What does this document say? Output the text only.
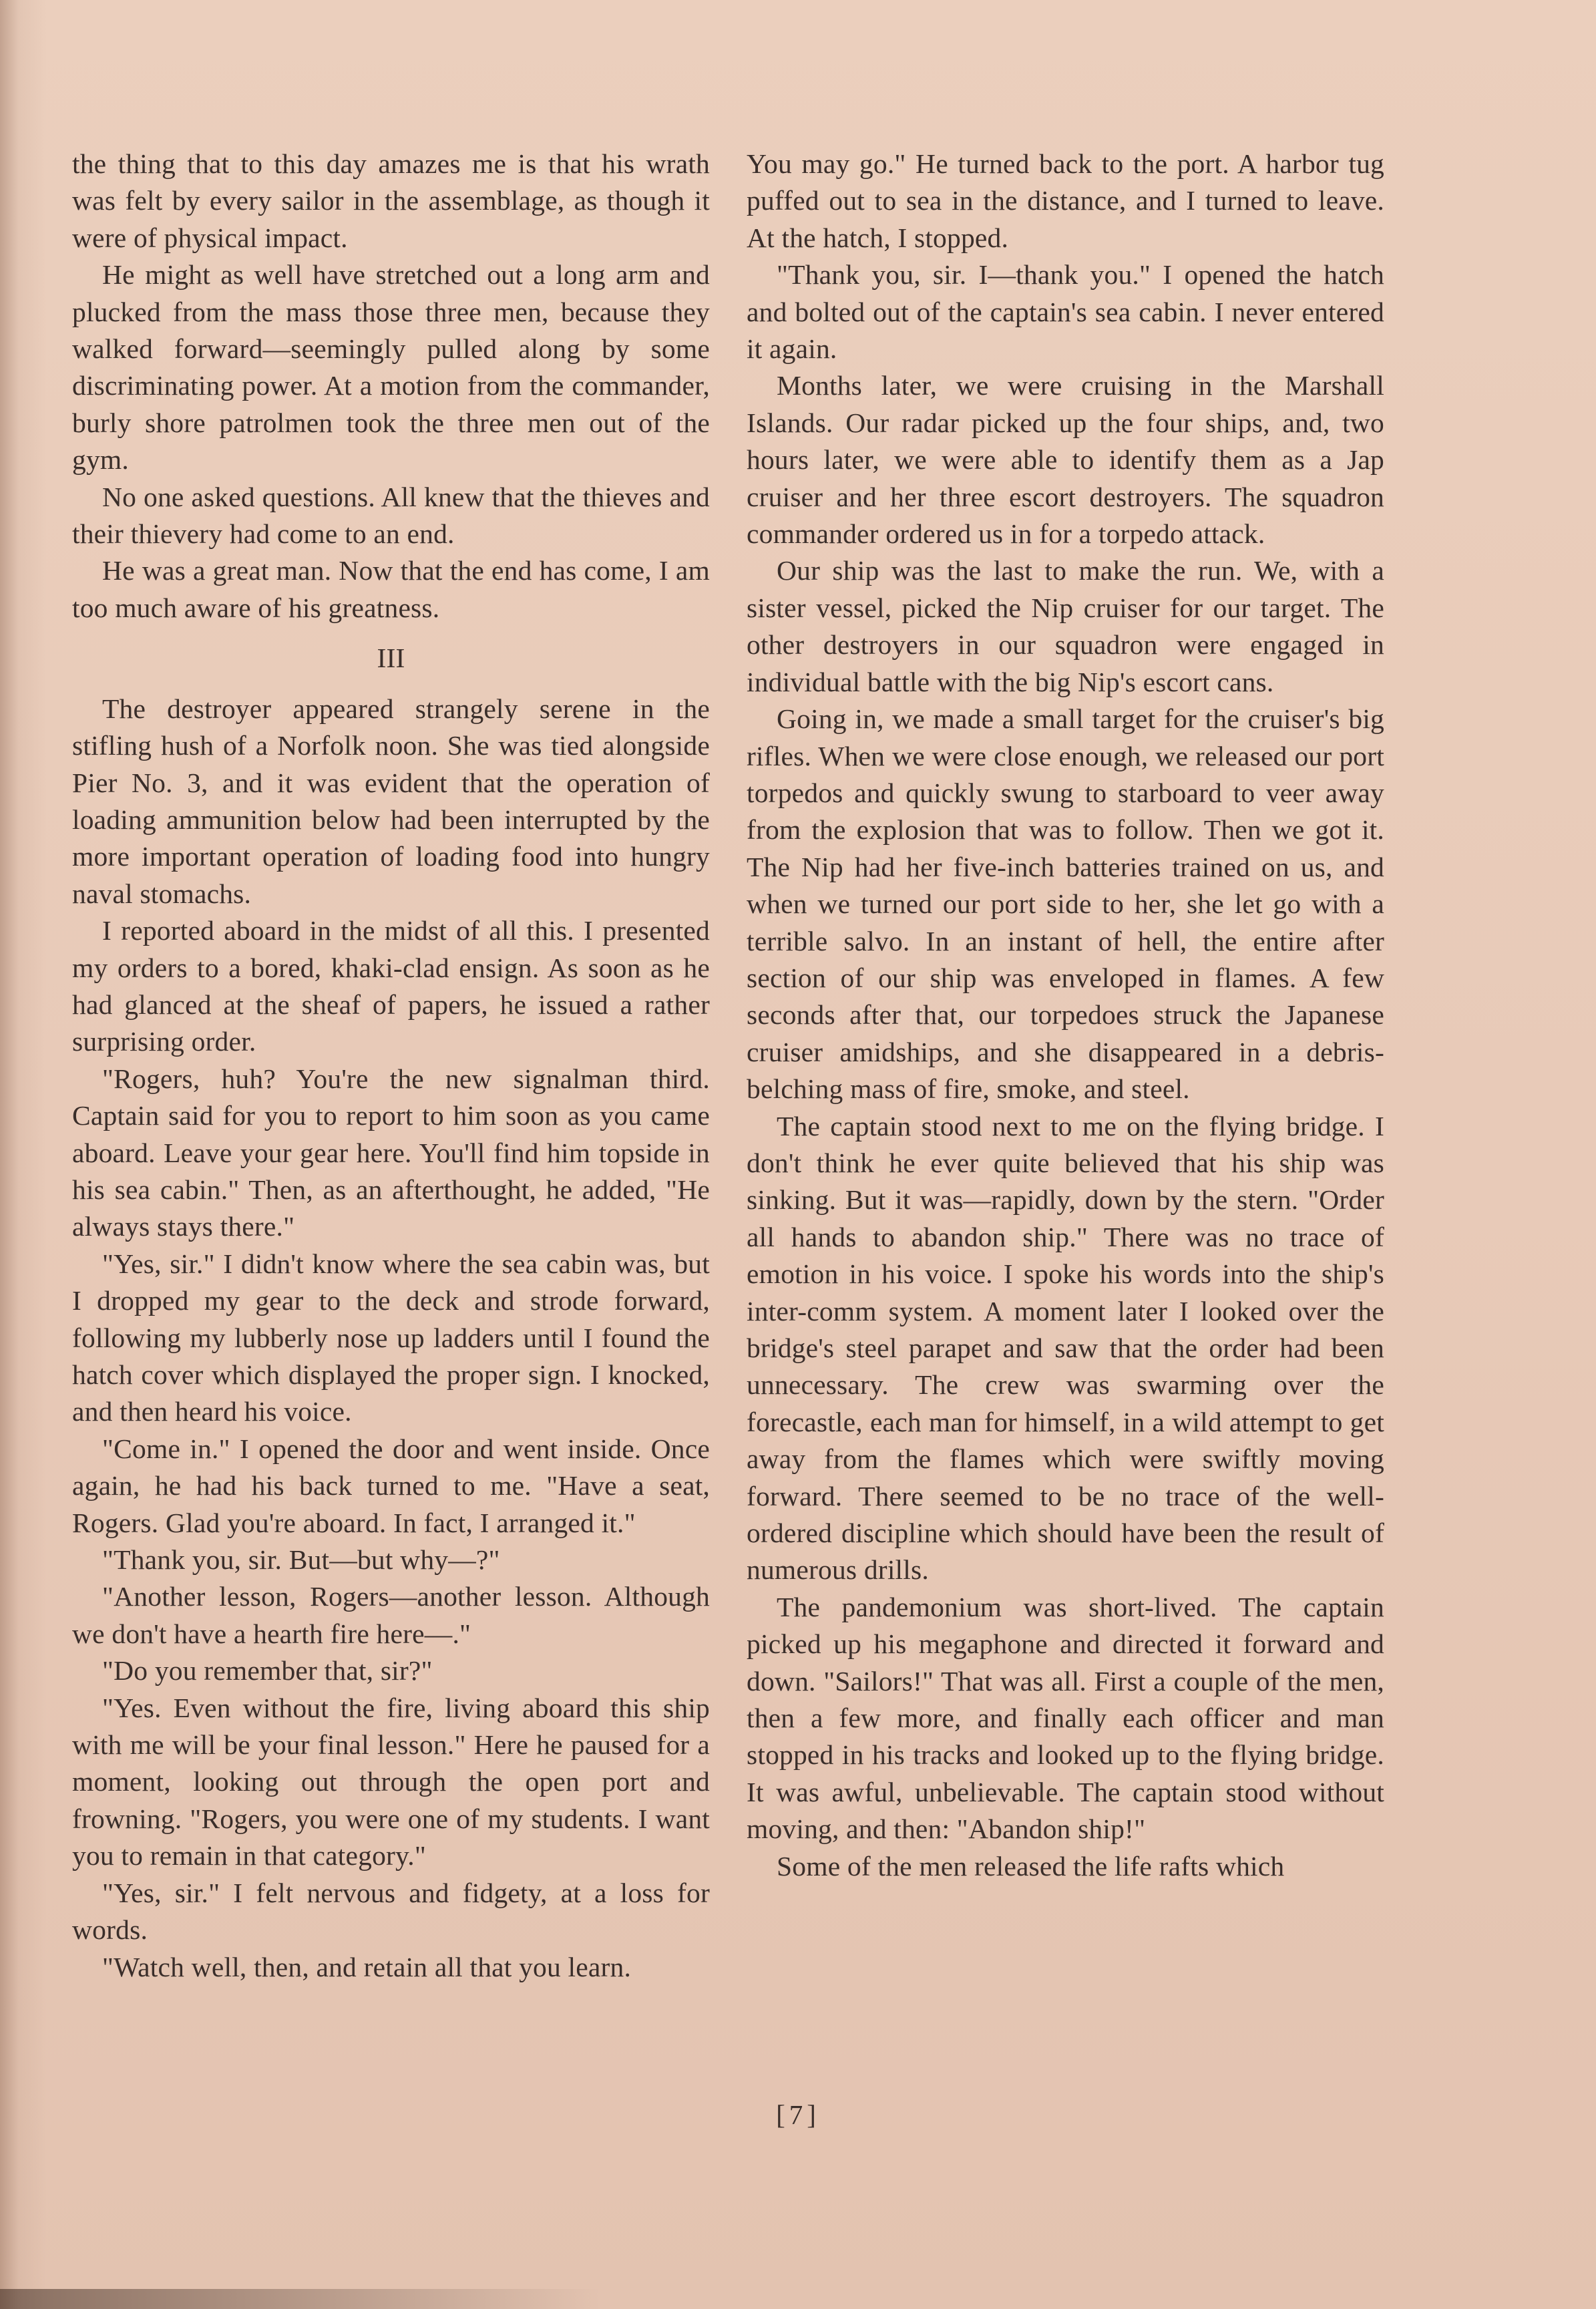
the thing that to this day amazes me is that his wrath was felt by every sailor in the assemblage, as though it were of physical impact.

He might as well have stretched out a long arm and plucked from the mass those three men, because they walked forward—seemingly pulled along by some discriminating power. At a motion from the commander, burly shore patrolmen took the three men out of the gym.

No one asked questions. All knew that the thieves and their thievery had come to an end.

He was a great man. Now that the end has come, I am too much aware of his greatness.

III

The destroyer appeared strangely serene in the stifling hush of a Norfolk noon. She was tied alongside Pier No. 3, and it was evident that the operation of loading ammunition below had been interrupted by the more important operation of loading food into hungry naval stomachs.

I reported aboard in the midst of all this. I presented my orders to a bored, khaki-clad ensign. As soon as he had glanced at the sheaf of papers, he issued a rather surprising order.

"Rogers, huh? You're the new signalman third. Captain said for you to report to him soon as you came aboard. Leave your gear here. You'll find him topside in his sea cabin." Then, as an afterthought, he added, "He always stays there."

"Yes, sir." I didn't know where the sea cabin was, but I dropped my gear to the deck and strode forward, following my lubberly nose up ladders until I found the hatch cover which displayed the proper sign. I knocked, and then heard his voice.

"Come in." I opened the door and went inside. Once again, he had his back turned to me. "Have a seat, Rogers. Glad you're aboard. In fact, I arranged it."

"Thank you, sir. But—but why—?"

"Another lesson, Rogers—another lesson. Although we don't have a hearth fire here—."

"Do you remember that, sir?"

"Yes. Even without the fire, living aboard this ship with me will be your final lesson." Here he paused for a moment, looking out through the open port and frowning. "Rogers, you were one of my students. I want you to remain in that category."

"Yes, sir." I felt nervous and fidgety, at a loss for words.

"Watch well, then, and retain all that you learn.

You may go." He turned back to the port. A harbor tug puffed out to sea in the distance, and I turned to leave. At the hatch, I stopped.

"Thank you, sir. I—thank you." I opened the hatch and bolted out of the captain's sea cabin. I never entered it again.

Months later, we were cruising in the Marshall Islands. Our radar picked up the four ships, and, two hours later, we were able to identify them as a Jap cruiser and her three escort destroyers. The squadron commander ordered us in for a torpedo attack.

Our ship was the last to make the run. We, with a sister vessel, picked the Nip cruiser for our target. The other destroyers in our squadron were engaged in individual battle with the big Nip's escort cans.

Going in, we made a small target for the cruiser's big rifles. When we were close enough, we released our port torpedos and quickly swung to starboard to veer away from the explosion that was to follow. Then we got it. The Nip had her five-inch batteries trained on us, and when we turned our port side to her, she let go with a terrible salvo. In an instant of hell, the entire after section of our ship was enveloped in flames. A few seconds after that, our torpedoes struck the Japanese cruiser amidships, and she disappeared in a debris-belching mass of fire, smoke, and steel.

The captain stood next to me on the flying bridge. I don't think he ever quite believed that his ship was sinking. But it was—rapidly, down by the stern. "Order all hands to abandon ship." There was no trace of emotion in his voice. I spoke his words into the ship's inter-comm system. A moment later I looked over the bridge's steel parapet and saw that the order had been unnecessary. The crew was swarming over the forecastle, each man for himself, in a wild attempt to get away from the flames which were swiftly moving forward. There seemed to be no trace of the well-ordered discipline which should have been the result of numerous drills.

The pandemonium was short-lived. The captain picked up his megaphone and directed it forward and down. "Sailors!" That was all. First a couple of the men, then a few more, and finally each officer and man stopped in his tracks and looked up to the flying bridge. It was awful, unbelievable. The captain stood without moving, and then: "Abandon ship!"

Some of the men released the life rafts which

[7]
